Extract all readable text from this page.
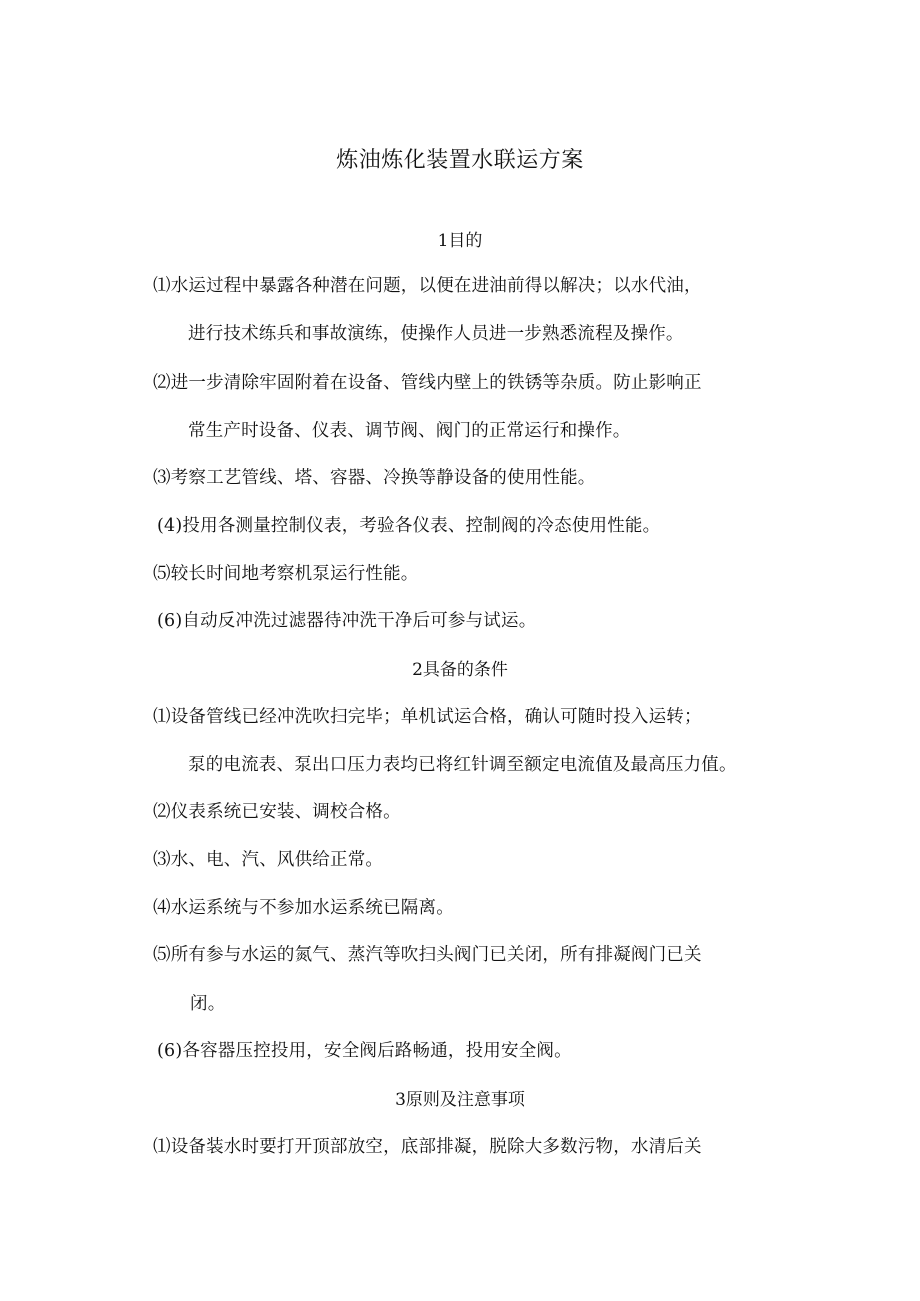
炼油炼化装置水联运方案
1目的

⑴水运过程中暴露各种潜在问题，以便在进油前得以解决；以水代油，

进行技术练兵和事故演练，使操作人员进一步熟悉流程及操作。

⑵进一步清除牢固附着在设备、管线内壁上的铁锈等杂质。防止影响正

常生产时设备、仪表、调节阀、阀门的正常运行和操作。

⑶考察工艺管线、塔、容器、冷换等静设备的使用性能。

(4)投用各测量控制仪表，考验各仪表、控制阀的冷态使用性能。

⑸较长时间地考察机泵运行性能。

(6)自动反冲洗过滤器待冲洗干净后可参与试运。

2具备的条件

⑴设备管线已经冲洗吹扫完毕；单机试运合格，确认可随时投入运转；

泵的电流表、泵出口压力表均已将红针调至额定电流值及最高压力值。

⑵仪表系统已安装、调校合格。

⑶水、电、汽、风供给正常。

⑷水运系统与不参加水运系统已隔离。

⑸所有参与水运的氮气、蒸汽等吹扫头阀门已关闭，所有排凝阀门已关

闭。

(6)各容器压控投用，安全阀后路畅通，投用安全阀。

3原则及注意事项

⑴设备装水时要打开顶部放空，底部排凝，脱除大多数污物，水清后关
